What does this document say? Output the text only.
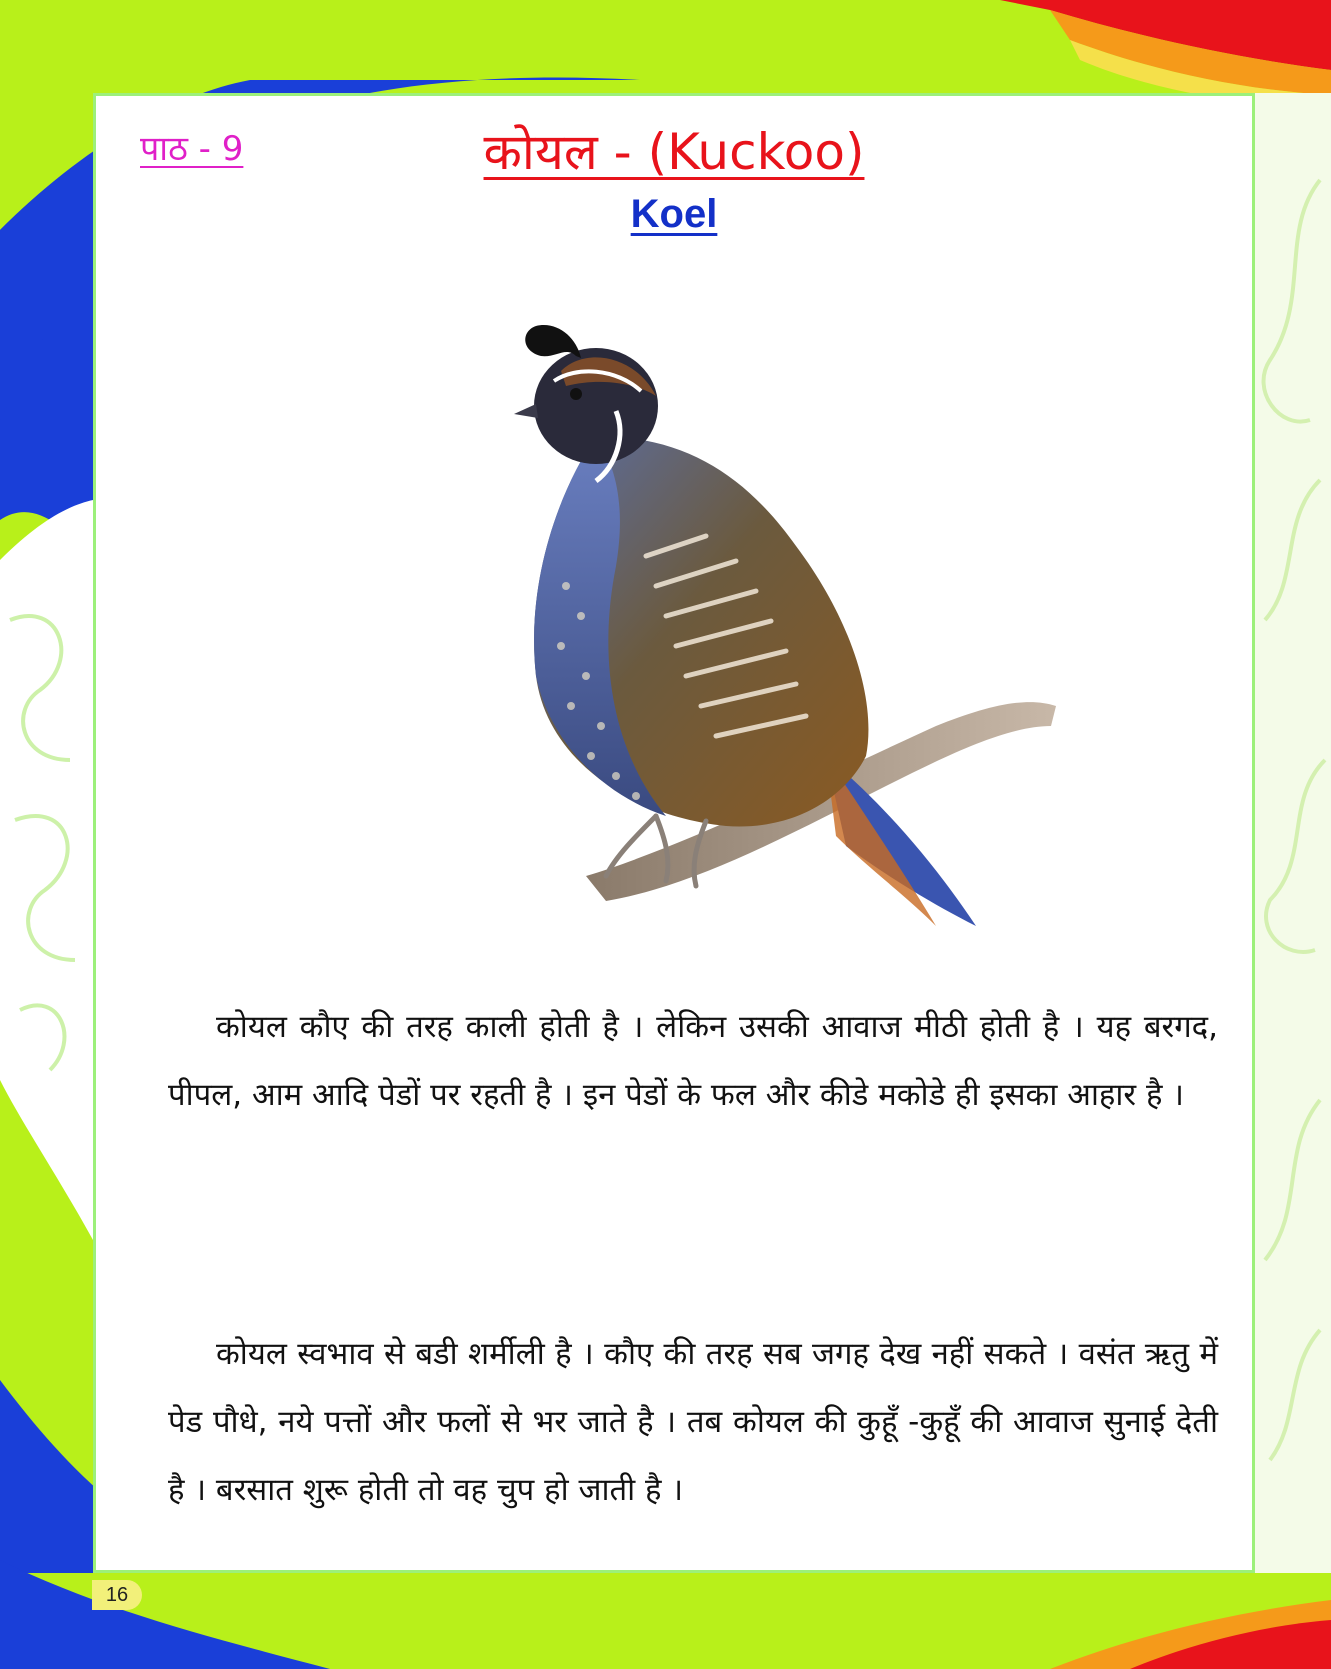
पाठ - 9	कोयल - (Kuckoo)
Koel

कोयल कौए की तरह काली होती है । लेकिन उसकी आवाज मीठी होती है । यह बरगद, पीपल, आम आदि पेडों पर रहती है । इन पेडों के फल और कीडे मकोडे ही इसका आहार है ।

कोयल स्वभाव से बडी शर्मीली है । कौए की तरह सब जगह देख नहीं सकते । वसंत ऋतु में पेड पौधे, नये पत्तों और फलों से भर जाते है । तब कोयल की कुहूँ -कुहूँ की आवाज सुनाई देती है । बरसात शुरू होती तो वह चुप हो जाती है ।

16
